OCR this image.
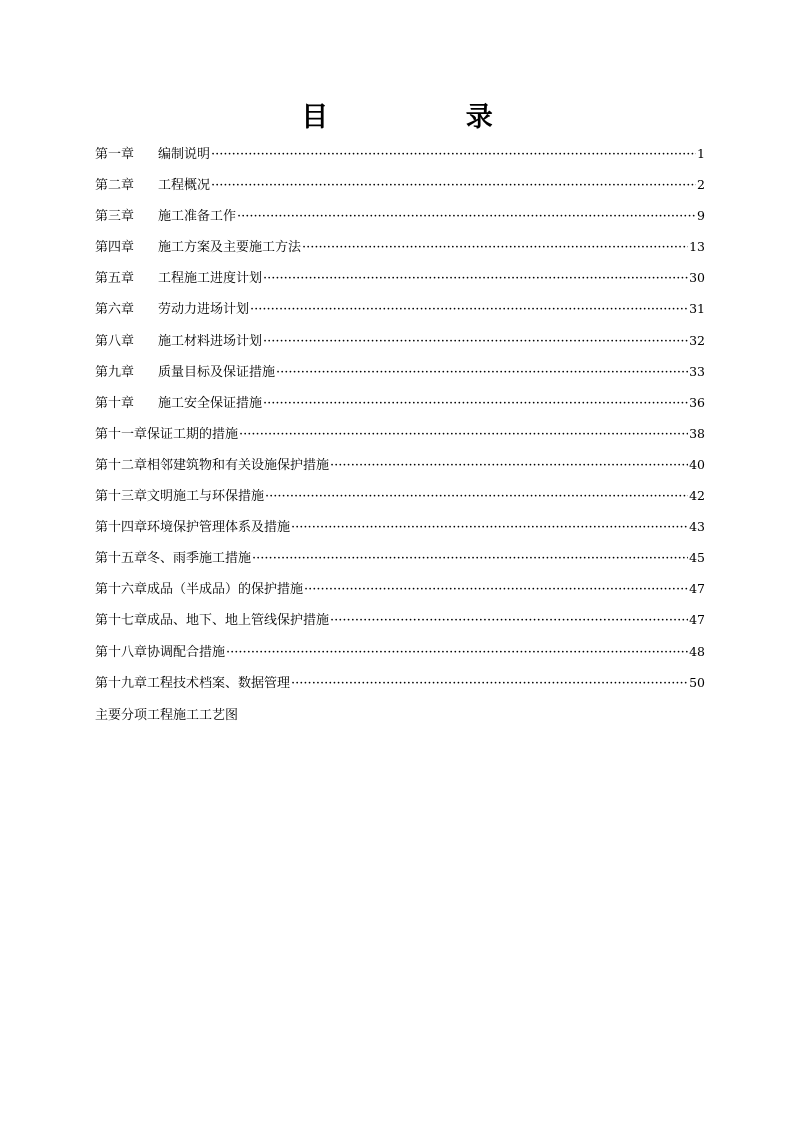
目 录
第一章	编制说明 ·····	1
第二章	工程概况 ·····	2
第三章	施工准备工作 ·····	9
第四章	施工方案及主要施工方法 ·····	13
第五章	工程施工进度计划 ·····	30
第六章	劳动力进场计划 ·····	31
第八章	施工材料进场计划 ·····	32
第九章	质量目标及保证措施 ·····	33
第十章	施工安全保证措施 ·····	36
第十一章 保证工期的措施 ·····	38
第十二章 相邻建筑物和有关设施保护措施 ·····	40
第十三章 文明施工与环保措施 ·····	42
第十四章 环境保护管理体系及措施 ·····	43
第十五章 冬、雨季施工措施 ·····	45
第十六章 成品（半成品）的保护措施 ·····	47
第十七章 成品、地下、地上管线保护措施 ·····	47
第十八章 协调配合措施 ·····	48
第十九章 工程技术档案、数据管理 ·····	50
主要分项工程施工工艺图
